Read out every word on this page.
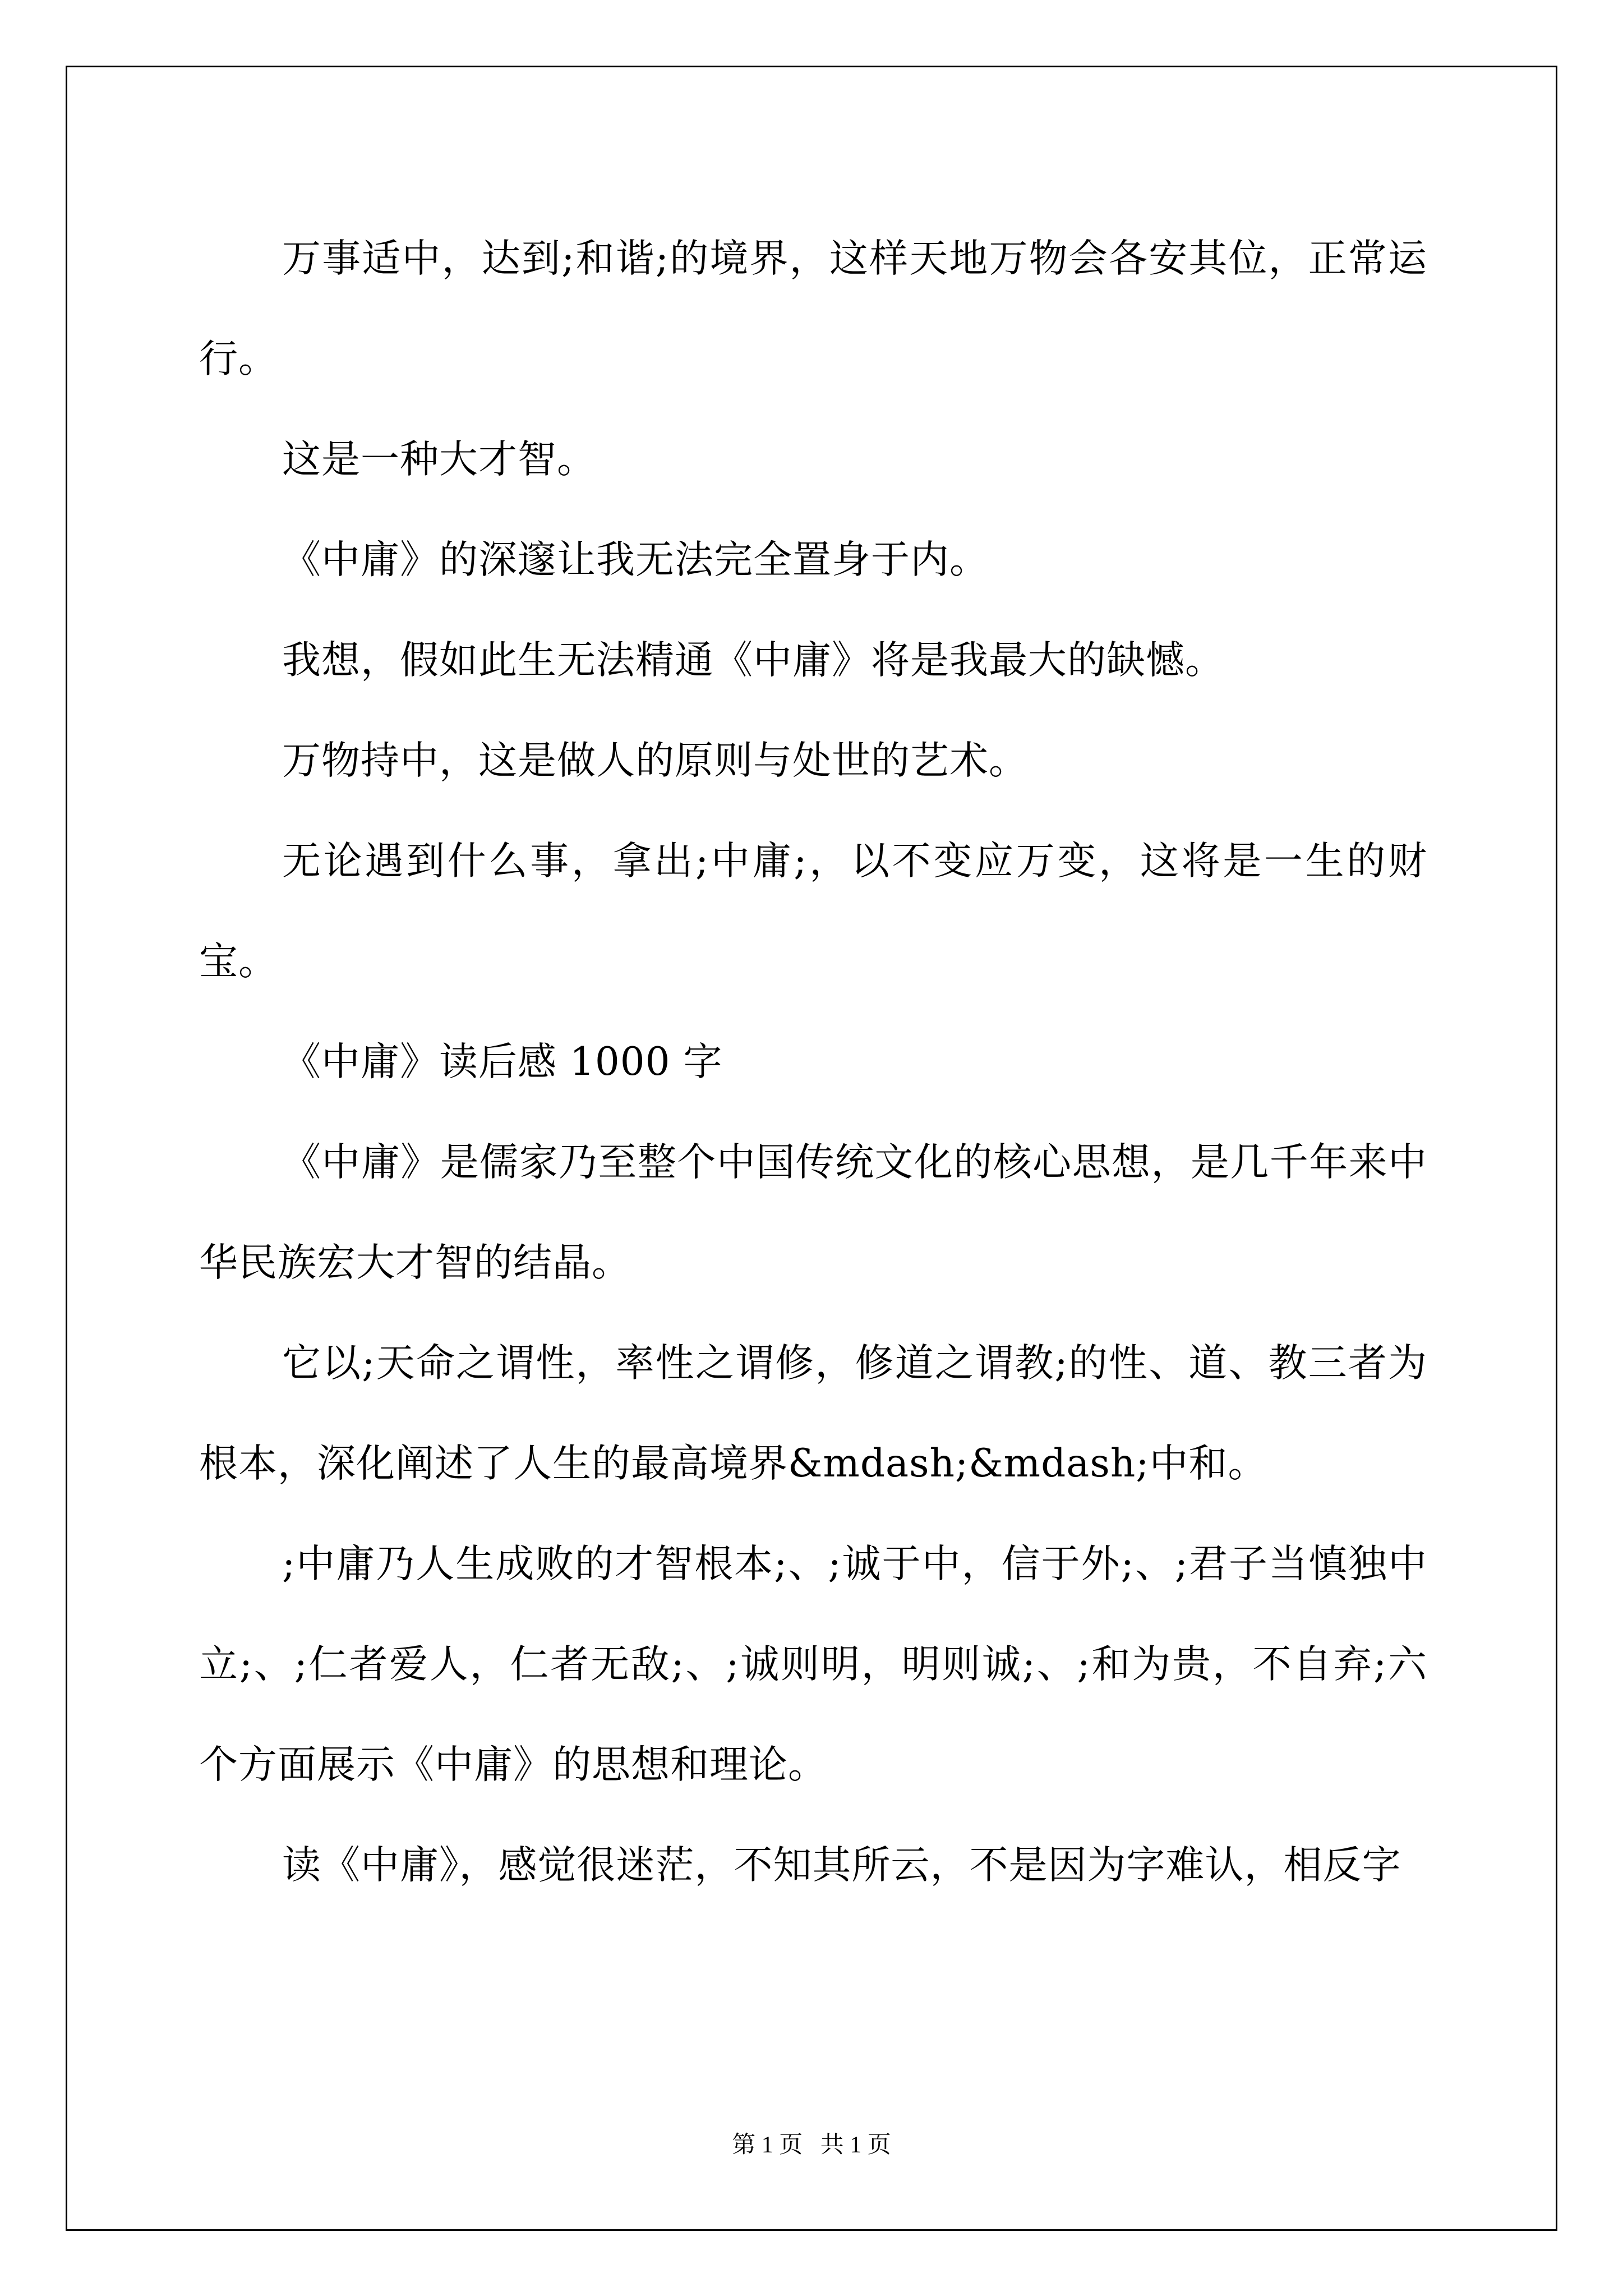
万事适中，达到;和谐;的境界，这样天地万物会各安其位，正常运行。

这是一种大才智。

《中庸》的深邃让我无法完全置身于内。

我想，假如此生无法精通《中庸》将是我最大的缺憾。

万物持中，这是做人的原则与处世的艺术。

无论遇到什么事，拿出;中庸;，以不变应万变，这将是一生的财宝。

《中庸》读后感 1000 字

《中庸》是儒家乃至整个中国传统文化的核心思想，是几千年来中华民族宏大才智的结晶。

它以;天命之谓性，率性之谓修，修道之谓教;的性、道、教三者为根本，深化阐述了人生的最高境界&mdash;&mdash;中和。

;中庸乃人生成败的才智根本;、;诚于中，信于外;、;君子当慎独中立;、;仁者爱人，仁者无敌;、;诚则明，明则诚;、;和为贵，不自弃;六个方面展示《中庸》的思想和理论。

读《中庸》，感觉很迷茫，不知其所云，不是因为字难认，相反字

第 1 页   共 1 页
